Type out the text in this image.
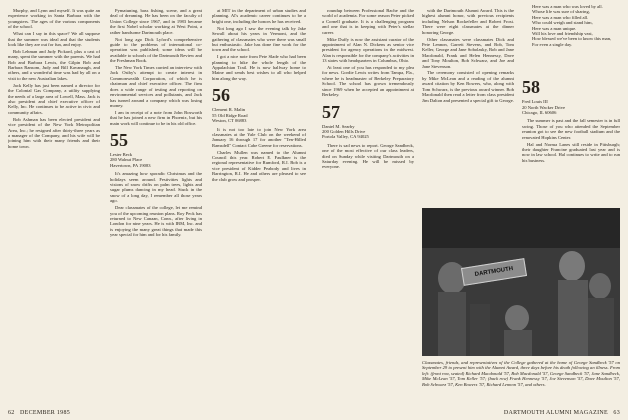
Murphy, and Lynn and myself. It was quite an experience working in Santa Barbara with the youngsters. The ages of the various components of the school.

What can I say in this space? We all suppose that the summer was ideal and that the students look like they are out for fun, and enjoy.

Bob Lehman and Judy Pickard, plus a cast of many, spent the summer with the parents. We had Bob and Barbara Lewis, the Gilpin Bob and Barbara Ransom, Judy and Bill Kavanaugh, and others, and a wonderful time was had by all on a visit to the new Australian lakes.

Jack Kelly has just been named a director for the Colonial Gas Company, a utility supplying the needs of a large area of Lowell, Mass. Jack is also president and chief executive officer of Kelly, Inc. He continues to be active in civic and community affairs.

Bob Ashman has been elected president and vice president of the New York Metropolitan Area, Inc.; he resigned after thirty-three years as a manager of the Company, and his wife will be joining him with their many friends and their home town.

Pymatuning, bass fishing, scene, and a great deal of dreaming. He has been on the faculty of Union College since 1967, and in 1983 became the first Nobel scholar working at West Point, a rather handsome Dartmouth place.

Not long ago Dick Lyford's comprehensive guide to the problems of international co-operation was published; some ideas will be available to schools of the Dartmouth Review and the Freshman Book.

The New York Times carried an interview with Jack Ostby's attempt to create interest in Commonwealth Corporation, of which he is chairman and chief executive officer. The firm does a wide range of testing and reporting on environmental services and pollutants, and Jack has turned around a company which was losing money.

I am in receipt of a note from John Bosworth that he has joined a new firm in Phoenix, but his main work will continue to be in his old office.

55
Lester Beck
280 Walnut Place
Havertown, PA 19083

It's amazing how sporadic Christmas and the holidays seem around. Festivities lights and visions of snow drifts on palm trees, lights and sugar plums dancing in my head. Stuck in the snow of a long day, I remember all those years ago.

Dear classmates of the college, let me remind you of the upcoming reunion plans. Roy Peck has returned to New Canaan, Conn., after living in London for nine years. He is with IBM, Inc. and is enjoying the many great things that made this year special for him and for his family.

at MIT in the department of urban studies and planning. Al's academic career continues to be a bright one, including the honors he has received.

Not long ago I saw the evening talk by Jake Sewall about his years in Vermont, and the gathering of classmates who were there was small but enthusiastic. Jake has done fine work for the town and the school.

I got a nice note from Pete Slade who had been planning to hike the whole length of the Appalachian Trail. He is now halfway home to Maine and sends best wishes to all who helped him along the way.

56
Clement R. Malin
55 Old Ridge Road
Weston, CT 06883

It is not too late to join New York area classmates at the Yale Club on the weekend of January 16 through 17 for another "Ten-Hilled Ramsdell" Contact Cabe Greene for reservations.

Charles Mullen was named to the Alumni Council this year. Robert E. Faulkner is the regional representative for Rumford, R.I. Bob is a vice president of Kidder Peabody and lives in Barrington, R.I. He and others are pleased to see the club grow and prosper.

62 DECEMBER 1985

roundup between Professional Bache and the world of academia. For some reason Peter picked a Cornell graduate. It is a challenging program and one that is in keeping with Peter's stellar career.

Mike Duffy is now the assistant curator of the appointment of Alan N. Dickens as senior vice president for agency operations in the midwest. Alan is responsible for the company's activities in 13 states with headquarters in Columbus, Ohio.

At least one of you has responded to my plea for news. Gordie Lewis writes from Tampa, Fla., where he is headmaster of Berkeley Preparatory School. The school has grown tremendously since 1969 when he accepted an appointment at Berkeley.

57
Daniel M. Searby
200 Golden Hills Drive
Portola Valley, CA 94025

There is sad news to report. George Sandbeck, one of the most effective of our class leaders, died on Sunday while visiting Dartmouth on a Saturday evening. He will be missed by everyone.

with the Dartmouth Alumni Award. This is the highest alumni honor, with previous recipients including Nelson Rockefeller and Robert Frost. There were eight classmates at the dinner honoring George.

Other classmates were classmates Dick and Pete Lennon, Garrett Stevens, and Bob, Tom Keller, George and Jane Sobolasky, Bob and Jane Macdonald, Frank and Helen Hennessy, Dave and Tony Moulton, Bob Schwarz, and Joe and Jane Stevenson.

The ceremony consisted of opening remarks by Mike McLean and a reading of the alumni award citation by Ken Bowers, who, along with Tom Schwarz, is the previous award winner. Bob Macdonald then read a letter from class president Jim Dalton and presented a special gift to George.

Here was a man who was loved by all.
Whose life was sure of sharing,
Here was a man who filled all.
Who could weigh and stand him,
Here was a man unique.
Will his love and friendship vast,
How blessed we've been to know this man,
For even a single day.
58
Fred Louis III
20 North Wacker Drive
Chicago, IL 60606

The summer is past and the fall semester is in full swing. Those of you who attended the September reunion got to see the new football stadium and the renovated Hopkins Center.

Hal and Norma Lanes still reside in Pittsburgh; their daughter Francine graduated last year and is now in law school. Hal continues to write and to run his business.

DARTMOUTH
Classmates, friends, and representatives of the College gathered at the home of George Sandbeck '57 on September 29 to present him with the Alumni Award, three days before his death following an illness. From left: (front row, seated) Richard Macdonald '57, Bob Macdonald '57, George Sandbeck '57, Jane Sandbeck, Mike McLean '57, Tom Keller '57; (back row) Frank Hennessy '57, Joe Stevenson '57, Dave Moulton '57, Bob Schwarz '57, Ken Bowers '57, Richard Lennon '57, and others.
DARTMOUTH ALUMNI MAGAZINE 63
